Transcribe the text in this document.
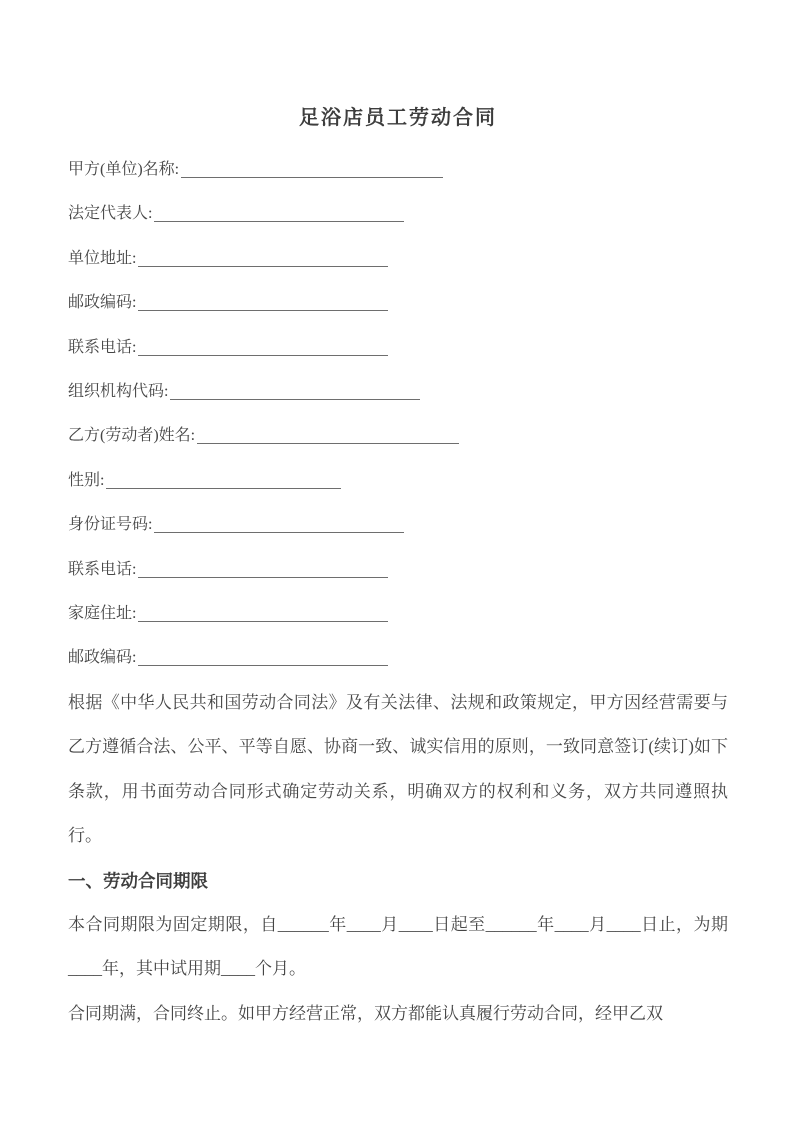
足浴店员工劳动合同
甲方(单位)名称:
法定代表人:
单位地址:
邮政编码:
联系电话:
组织机构代码:
乙方(劳动者)姓名:
性别:
身份证号码:
联系电话:
家庭住址:
邮政编码:

根据《中华人民共和国劳动合同法》及有关法律、法规和政策规定，甲方因经营需要与乙方遵循合法、公平、平等自愿、协商一致、诚实信用的原则，一致同意签订(续订)如下条款，用书面劳动合同形式确定劳动关系，明确双方的权利和义务，双方共同遵照执行。

一、劳动合同期限

本合同期限为固定期限，自______年____月____日起至______年____月____日止，为期____年，其中试用期____个月。

合同期满，合同终止。如甲方经营正常，双方都能认真履行劳动合同，经甲乙双
